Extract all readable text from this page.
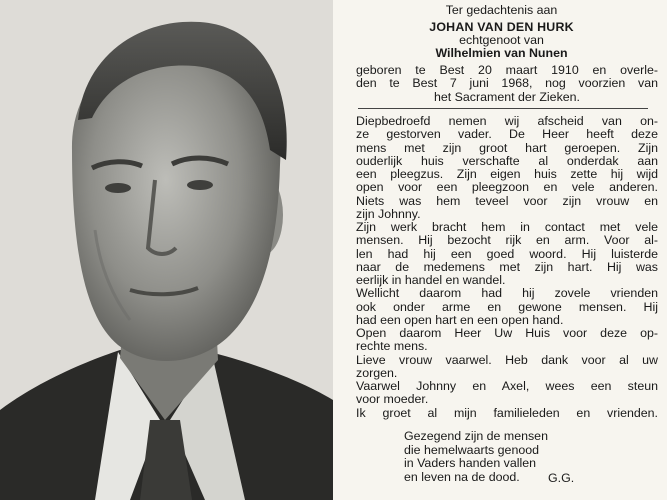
Ter gedachtenis aan
JOHAN VAN DEN HURK
echtgenoot van
Wilhelmien van Nunen
geboren te Best 20 maart 1910 en overle-
den te Best 7 juni 1968, nog voorzien van
het Sacrament der Zieken.
Diepbedroefd nemen wij afscheid van on-
ze gestorven vader. De Heer heeft deze
mens met zijn groot hart geroepen. Zijn
ouderlijk huis verschafte al onderdak aan
een pleegzus. Zijn eigen huis zette hij wijd
open voor een pleegzoon en vele anderen.
Niets was hem teveel voor zijn vrouw en
zijn Johnny.
Zijn werk bracht hem in contact met vele
mensen. Hij bezocht rijk en arm. Voor al-
len had hij een goed woord. Hij luisterde
naar de medemens met zijn hart. Hij was
eerlijk in handel en wandel.
Wellicht daarom had hij zovele vrienden
ook onder arme en gewone mensen. Hij
had een open hart en een open hand.
Open daarom Heer Uw Huis voor deze op-
rechte mens.
Lieve vrouw vaarwel. Heb dank voor al uw
zorgen.
Vaarwel Johnny en Axel, wees een steun
voor moeder.
Ik groet al mijn familieleden en vrienden.
Gezegend zijn de mensen
die hemelwaarts genood
in Vaders handen vallen
en leven na de dood.	G.G.
